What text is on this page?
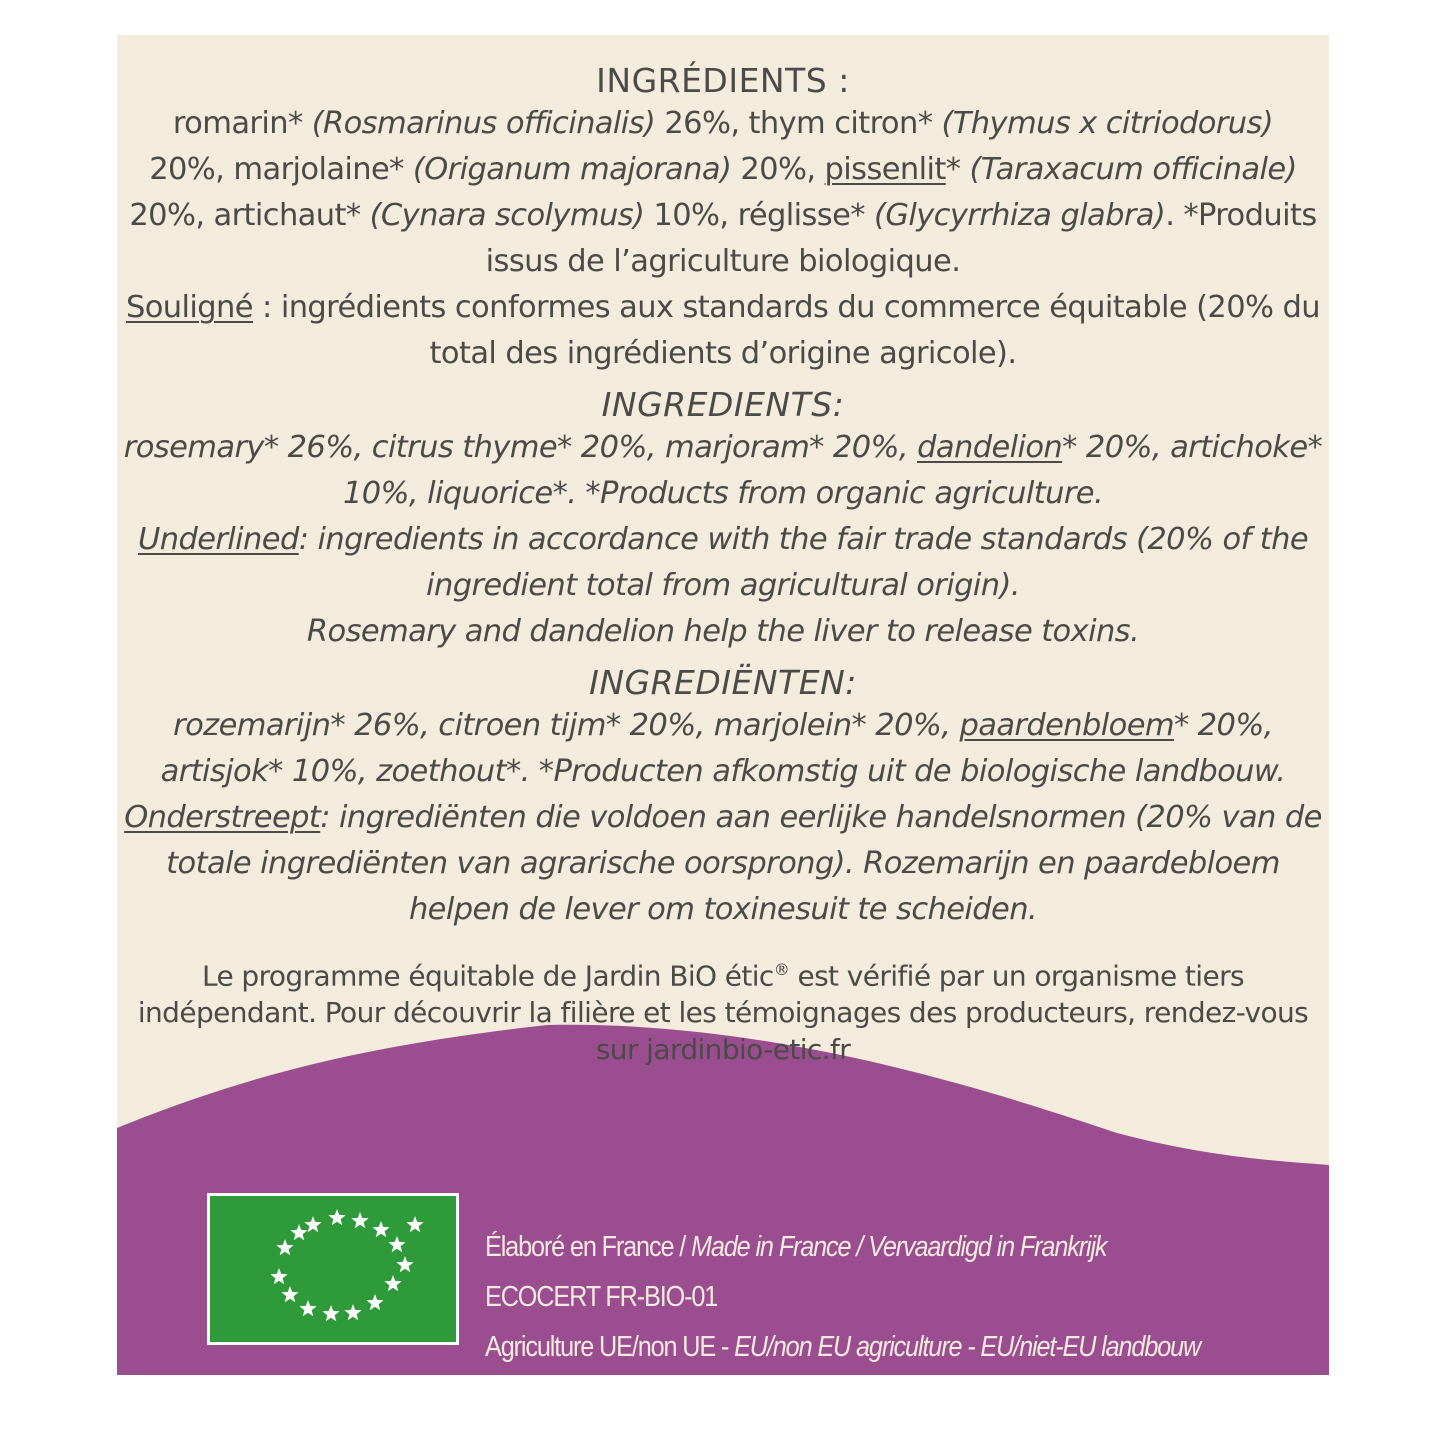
INGRÉDIENTS :

romarin* (Rosmarinus officinalis) 26%, thym citron* (Thymus x citriodorus)
20%, marjolaine* (Origanum majorana) 20%, pissenlit* (Taraxacum officinale) 20%, artichaut* (Cynara scolymus) 10%, réglisse* (Glycyrrhiza glabra). *Produits issus de l’agriculture biologique.
Souligné : ingrédients conformes aux standards du commerce équitable (20% du total des ingrédients d’origine agricole).

INGREDIENTS:

rosemary* 26%, citrus thyme* 20%, marjoram* 20%, dandelion* 20%, artichoke* 10%, liquorice*. *Products from organic agriculture.
Underlined: ingredients in accordance with the fair trade standards (20% of the ingredient total from agricultural origin).
Rosemary and dandelion help the liver to release toxins.

INGREDIËNTEN:

rozemarijn* 26%, citroen tijm* 20%, marjolein* 20%, paardenbloem* 20%, artisjok* 10%, zoethout*. *Producten afkomstig uit de biologische landbouw. Onderstreept: ingrediënten die voldoen aan eerlijke handelsnormen (20% van de totale ingrediënten van agrarische oorsprong). Rozemarijn en paardebloem helpen de lever om toxinesuit te scheiden.

Le programme équitable de Jardin BiO étic® est vérifié par un organisme tiers indépendant. Pour découvrir la filière et les témoignages des producteurs, rendez-vous sur jardinbio-etic.fr

Élaboré en France / Made in France / Vervaardigd in Frankrijk
ECOCERT FR-BIO-01
Agriculture UE/non UE - EU/non EU agriculture - EU/niet-EU landbouw
